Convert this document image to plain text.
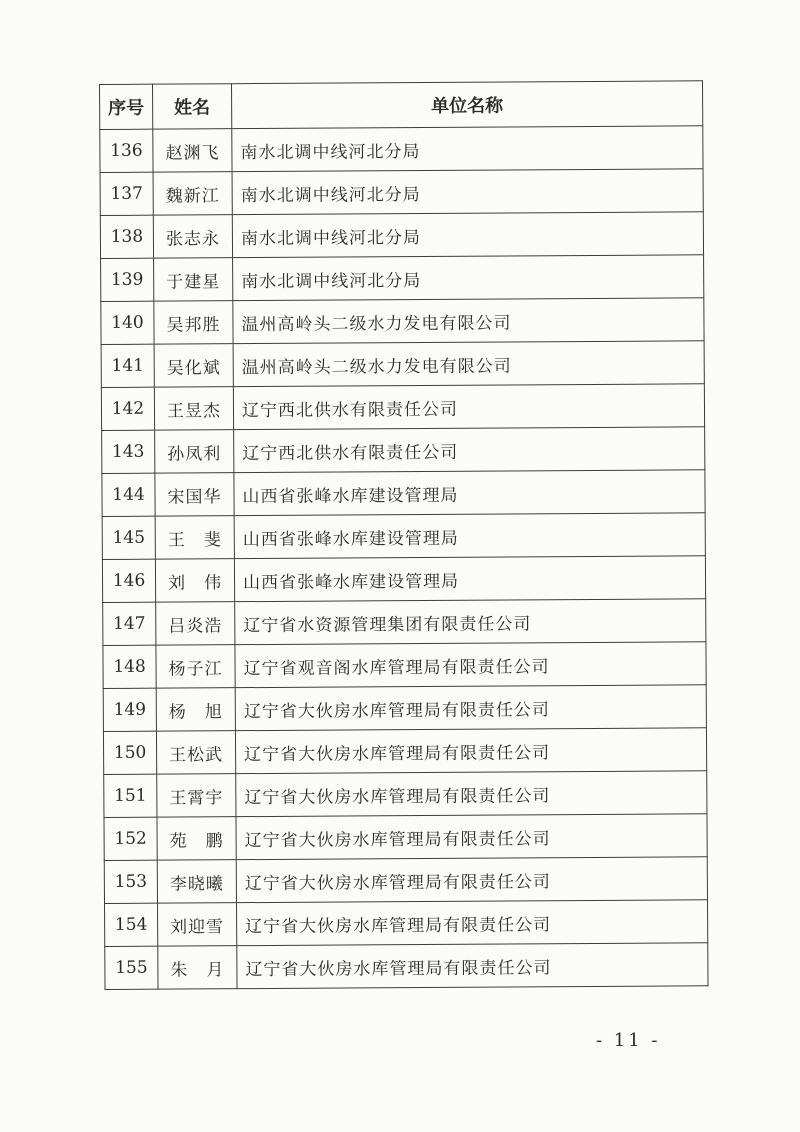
序号	姓名	单位名称
136	赵渊飞	南水北调中线河北分局
137	魏新江	南水北调中线河北分局
138	张志永	南水北调中线河北分局
139	于建星	南水北调中线河北分局
140	吴邦胜	温州高岭头二级水力发电有限公司
141	吴化斌	温州高岭头二级水力发电有限公司
142	王昱杰	辽宁西北供水有限责任公司
143	孙凤利	辽宁西北供水有限责任公司
144	宋国华	山西省张峰水库建设管理局
145	王　斐	山西省张峰水库建设管理局
146	刘　伟	山西省张峰水库建设管理局
147	吕炎浩	辽宁省水资源管理集团有限责任公司
148	杨子江	辽宁省观音阁水库管理局有限责任公司
149	杨　旭	辽宁省大伙房水库管理局有限责任公司
150	王松武	辽宁省大伙房水库管理局有限责任公司
151	王霄宇	辽宁省大伙房水库管理局有限责任公司
152	苑　鹏	辽宁省大伙房水库管理局有限责任公司
153	李晓曦	辽宁省大伙房水库管理局有限责任公司
154	刘迎雪	辽宁省大伙房水库管理局有限责任公司
155	朱　月	辽宁省大伙房水库管理局有限责任公司
- 11 -
